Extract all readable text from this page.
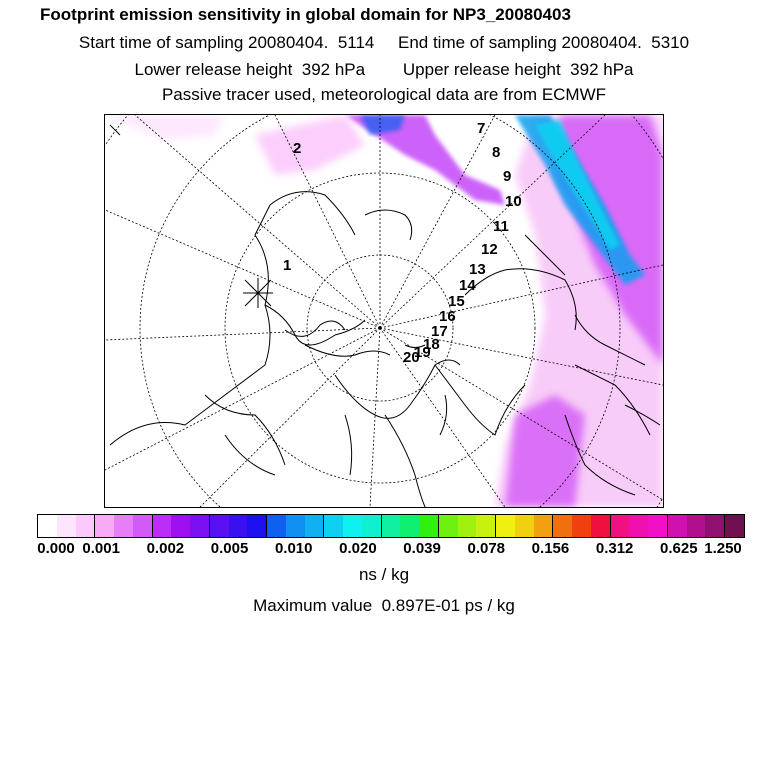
Footprint emission sensitivity in global domain for NP3_20080403
Start time of sampling 20080404.  5114     End time of sampling 20080404.  5310
Lower release height  392 hPa        Upper release height  392 hPa
Passive tracer used, meteorological data are from ECMWF
1
2
7
8
9
10
11
12
13
14
15
16
17
18
19
20
0.000 0.001 0.002 0.005 0.010 0.020 0.039 0.078 0.156 0.312 0.625 1.250
ns / kg
Maximum value  0.897E-01 ps / kg
